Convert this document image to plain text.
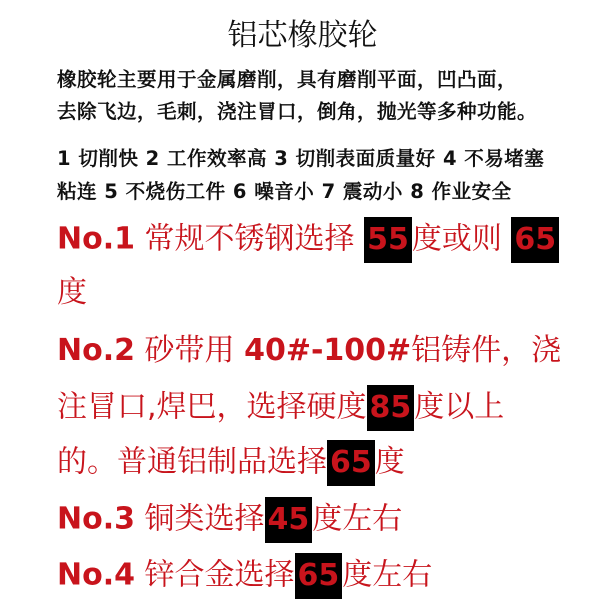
铝芯橡胶轮
橡胶轮主要用于金属磨削，具有磨削平面，凹凸面，
去除飞边，毛刺，浇注冒口，倒角，抛光等多种功能。
1 切削快 2 工作效率高 3 切削表面质量好 4 不易堵塞
粘连 5 不烧伤工件 6 噪音小 7 震动小 8 作业安全
No.1 常规不锈钢选择 55 度或则 65
度
No.2 砂带用 40#-100#铝铸件，浇
注冒口,焊巴，选择硬度 85 度以上
的。普通铝制品选择 65 度
No.3 铜类选择 45 度左右
No.4 锌合金选择 65 度左右
